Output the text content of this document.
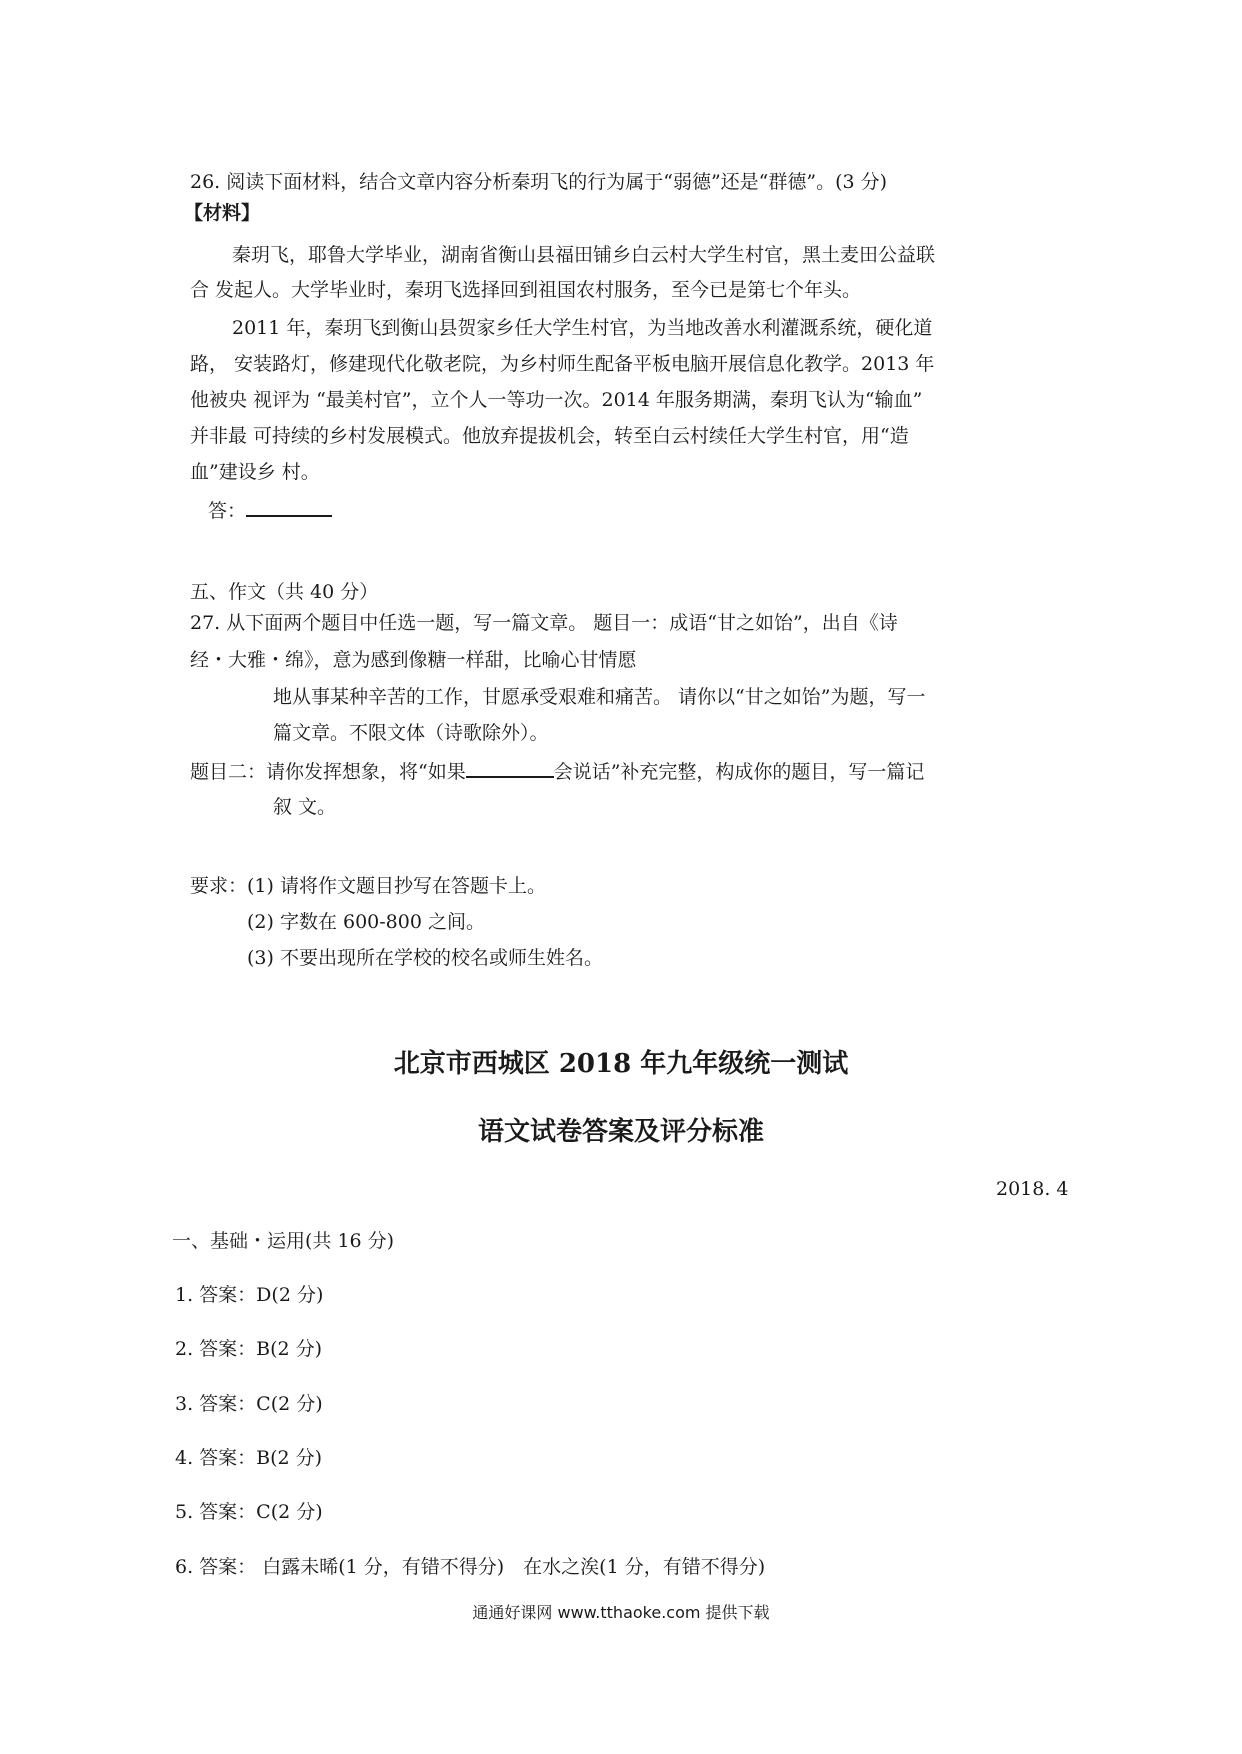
26. 阅读下面材料，结合文章内容分析秦玥飞的行为属于“弱德”还是“群德”。(3 分)
【材料】
秦玥飞，耶鲁大学毕业，湖南省衡山县福田铺乡白云村大学生村官，黑土麦田公益联
合 发起人。大学毕业时，秦玥飞选择回到祖国农村服务，至今已是第七个年头。
2011 年，秦玥飞到衡山县贺家乡任大学生村官，为当地改善水利灌溉系统，硬化道
路， 安装路灯，修建现代化敬老院，为乡村师生配备平板电脑开展信息化教学。2013 年
他被央 视评为 “最美村官”，立个人一等功一次。2014 年服务期满，秦玥飞认为“输血”
并非最 可持续的乡村发展模式。他放弃提拔机会，转至白云村续任大学生村官，用“造
血”建设乡 村。
答：
五、作文（共 40 分）
27. 从下面两个题目中任选一题，写一篇文章。 题目一：成语“甘之如饴”，出自《诗
经・大雅・绵》，意为感到像糖一样甜，比喻心甘情愿
地从事某种辛苦的工作，甘愿承受艰难和痛苦。 请你以“甘之如饴”为题，写一
篇文章。不限文体（诗歌除外）。
题目二：请你发挥想象，将“如果	会说话”补充完整，构成你的题目，写一篇记
叙 文。
要求：(1) 请将作文题目抄写在答题卡上。
(2) 字数在 600-800 之间。
(3) 不要出现所在学校的校名或师生姓名。
北京市西城区 2018 年九年级统一测试
语文试卷答案及评分标准
2018. 4
一、基础・运用(共 16 分)
1. 答案：D(2 分)
2. 答案：B(2 分)
3. 答案：C(2 分)
4. 答案：B(2 分)
5. 答案：C(2 分)
6. 答案： 白露未晞(1 分，有错不得分)　在水之涘(1 分，有错不得分)
通通好课网 www.tthaoke.com 提供下载
